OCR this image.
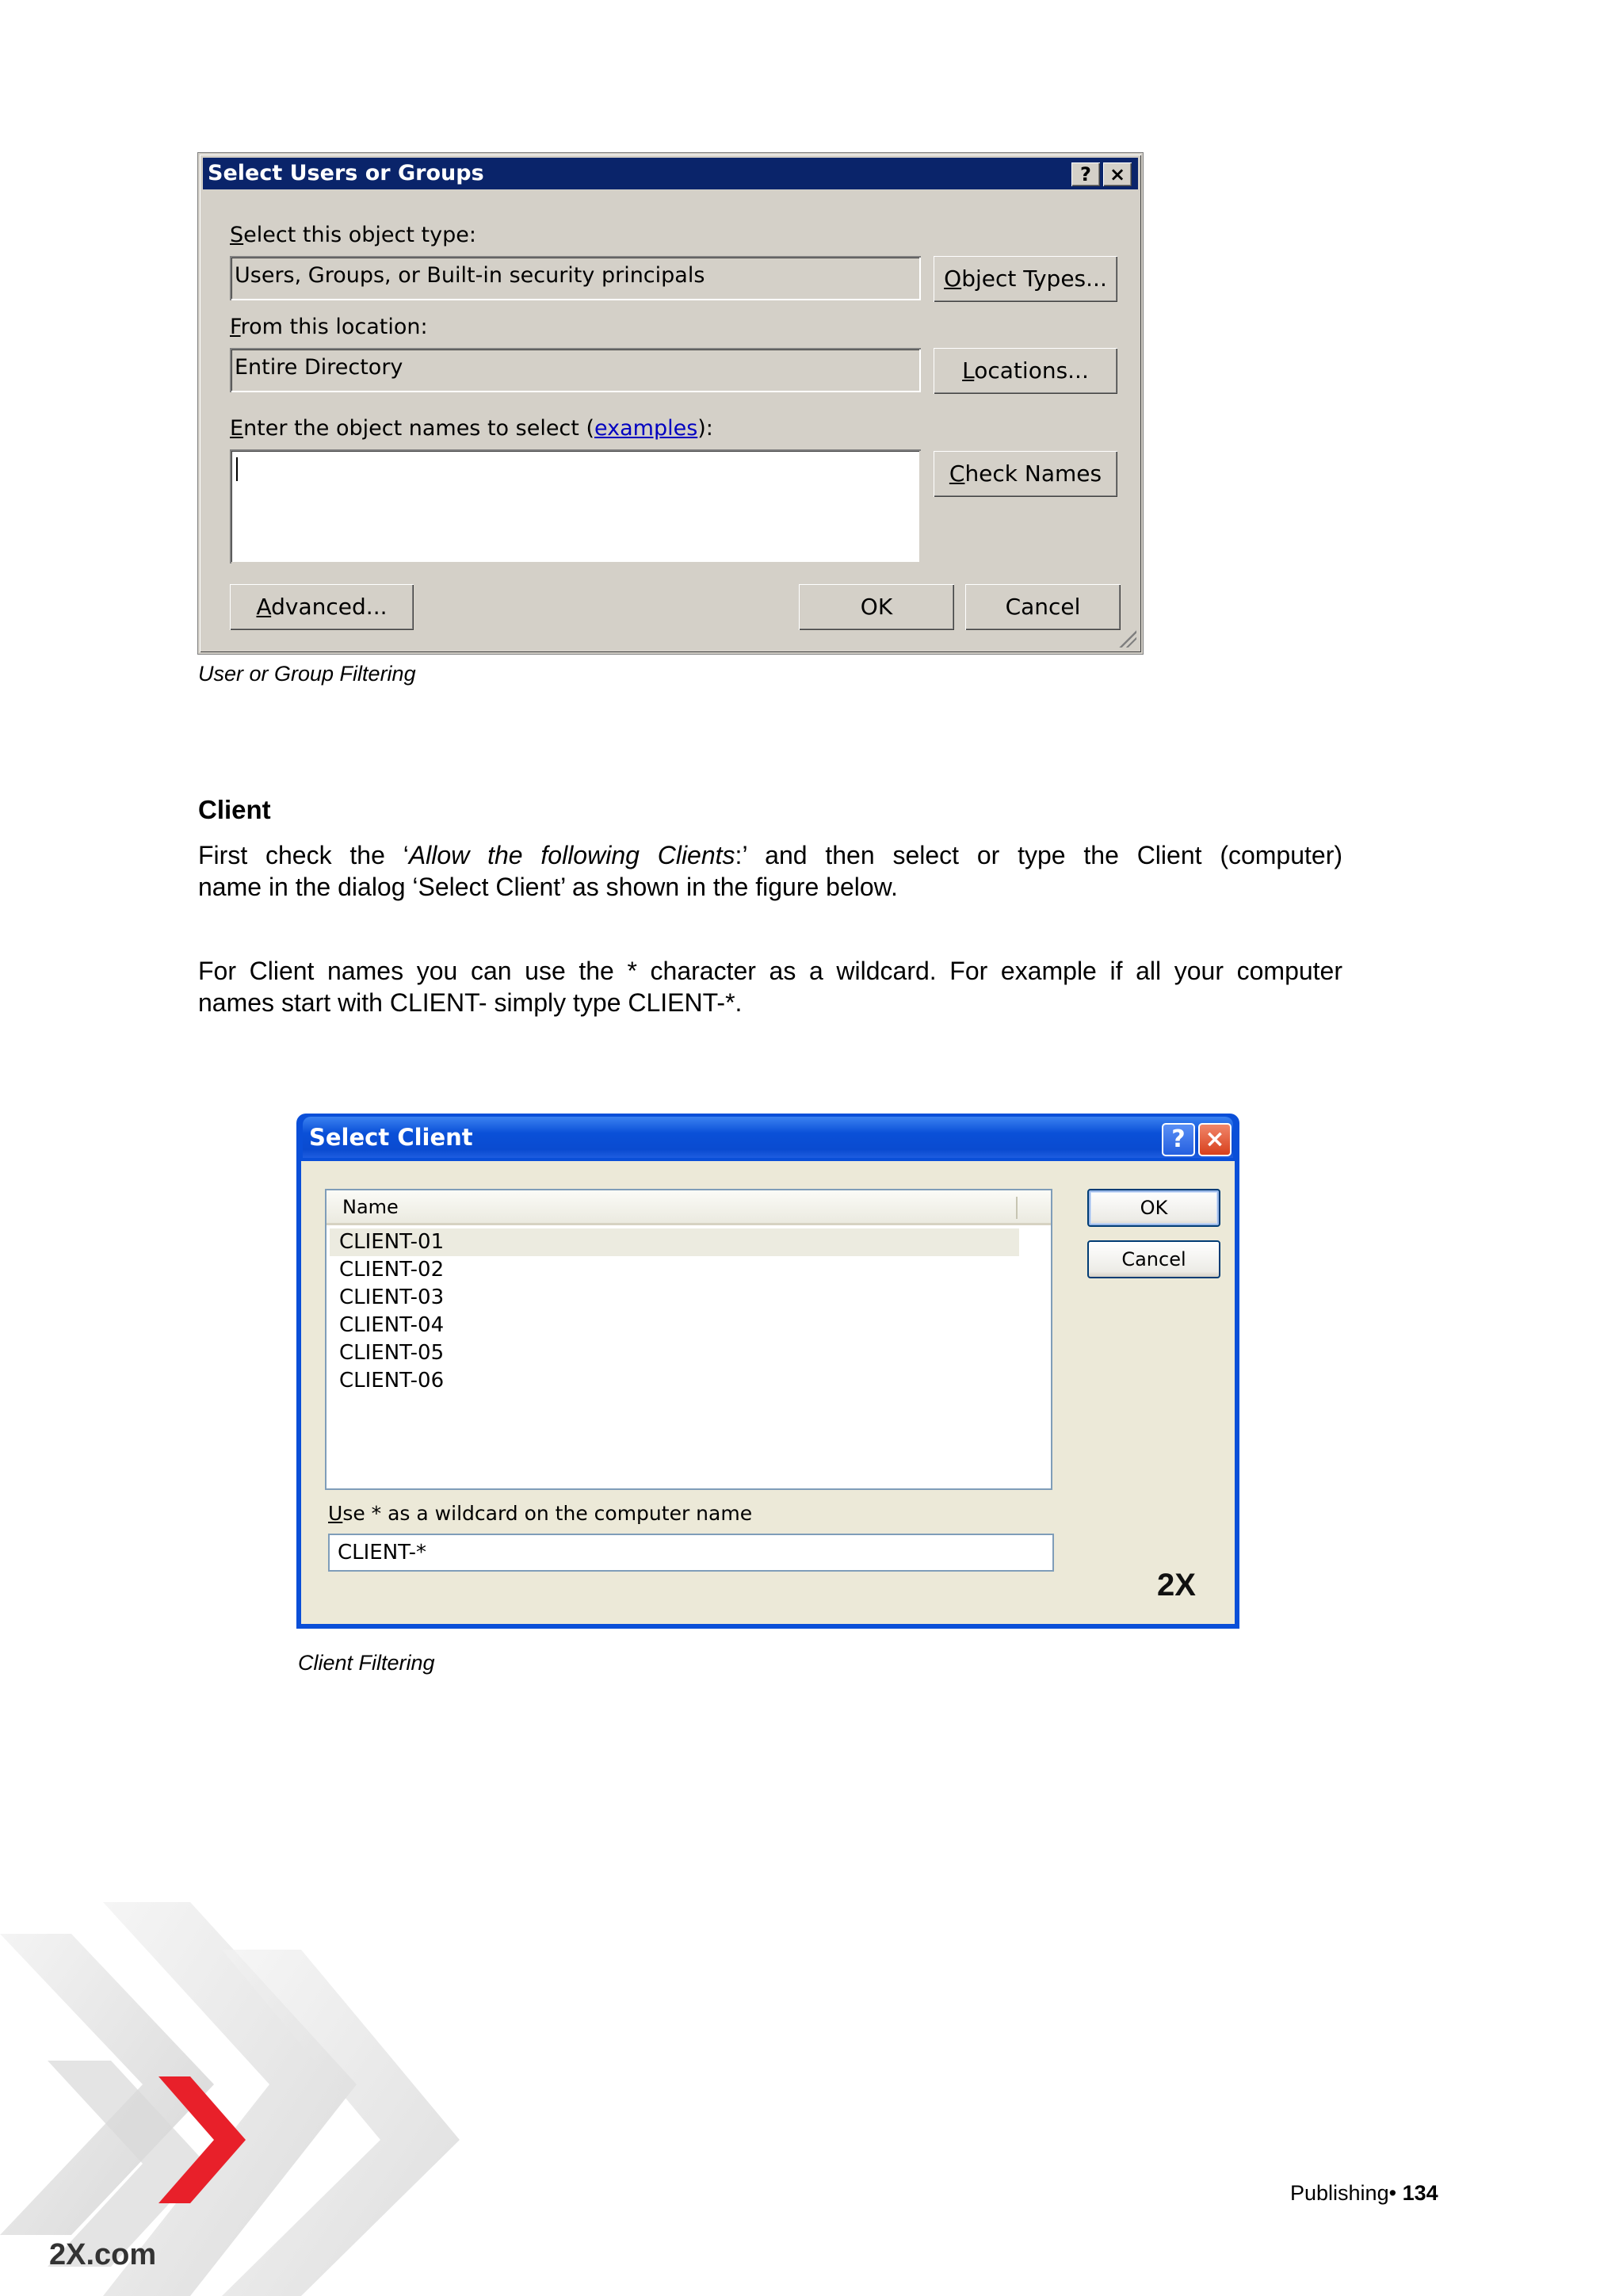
Select Users or Groups	? ×
Select this object type:
Users, Groups, or Built-in security principals	Object Types...
From this location:
Entire Directory	Locations...
Enter the object names to select (examples):
Check Names
Advanced...	OK	Cancel
User or Group Filtering
Client
First check the ‘Allow the following Clients:’ and then select or type the Client (computer)
name in the dialog ‘Select Client’ as shown in the figure below.
For Client names you can use the * character as a wildcard. For example if all your computer
names start with CLIENT- simply type CLIENT-*.
Select Client	? ×
Name
CLIENT-01
CLIENT-02
CLIENT-03
CLIENT-04
CLIENT-05
CLIENT-06
OK
Cancel
Use * as a wildcard on the computer name
CLIENT-*
2X
Client Filtering
2X.com
Publishing• 134
